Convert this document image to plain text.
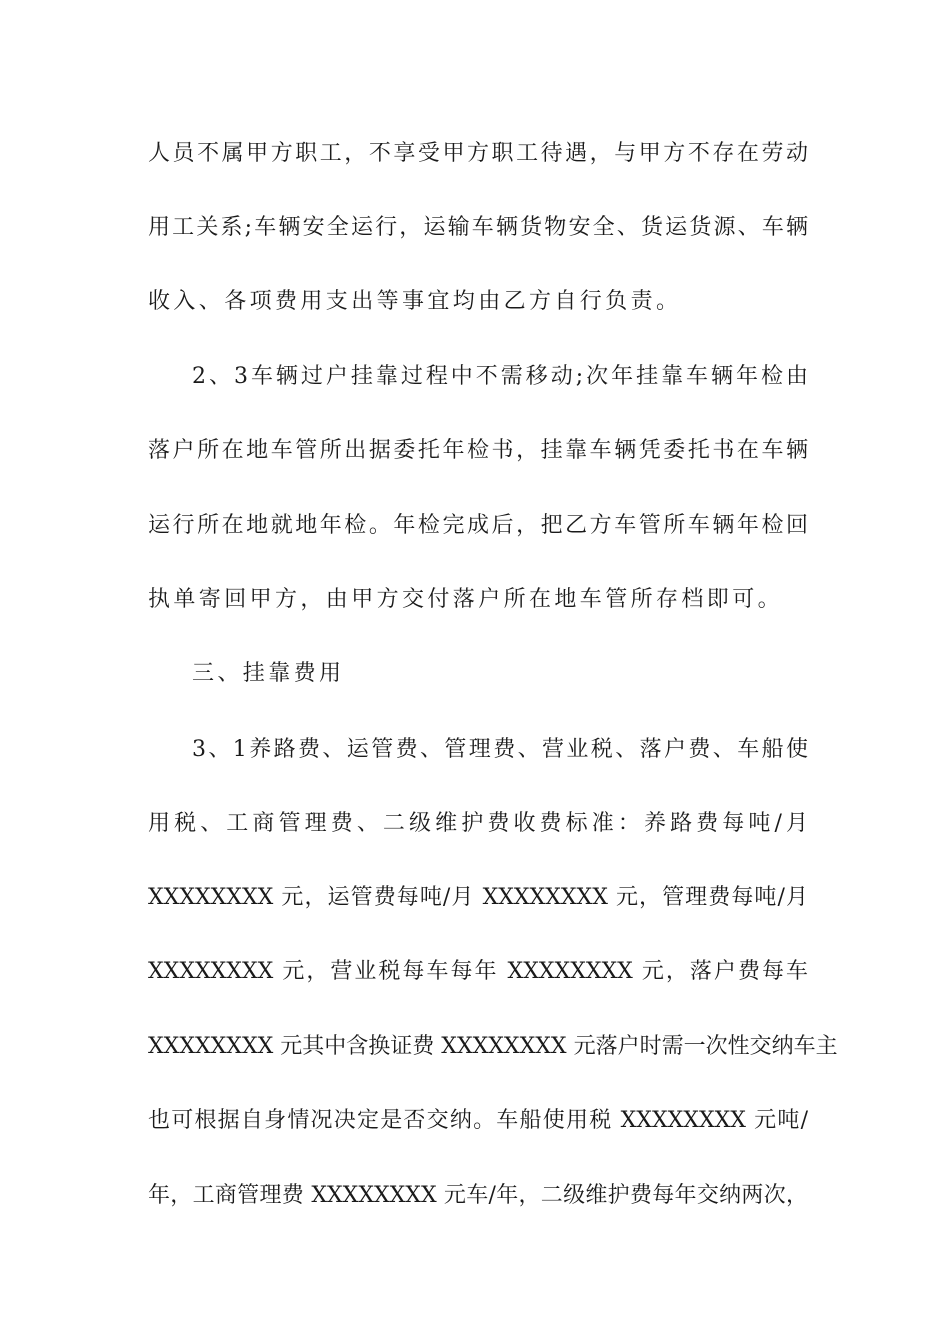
人员不属甲方职工，不享受甲方职工待遇，与甲方不存在劳动
用工关系;车辆安全运行，运输车辆货物安全、货运货源、车辆
收入、各项费用支出等事宜均由乙方自行负责。
2、3车辆过户挂靠过程中不需移动;次年挂靠车辆年检由
落户所在地车管所出据委托年检书，挂靠车辆凭委托书在车辆
运行所在地就地年检。年检完成后，把乙方车管所车辆年检回
执单寄回甲方，由甲方交付落户所在地车管所存档即可。
三、挂靠费用
3、1养路费、运管费、管理费、营业税、落户费、车船使
用税、工商管理费、二级维护费收费标准：养路费每吨/月
XXXXXXXX 元，运管费每吨/月 XXXXXXXX 元，管理费每吨/月
XXXXXXXX 元，营业税每车每年 XXXXXXXX 元，落户费每车
XXXXXXXX 元其中含换证费 XXXXXXXX 元落户时需一次性交纳车主
也可根据自身情况决定是否交纳。车船使用税 XXXXXXXX 元吨/
年，工商管理费 XXXXXXXX 元车/年，二级维护费每年交纳两次，
